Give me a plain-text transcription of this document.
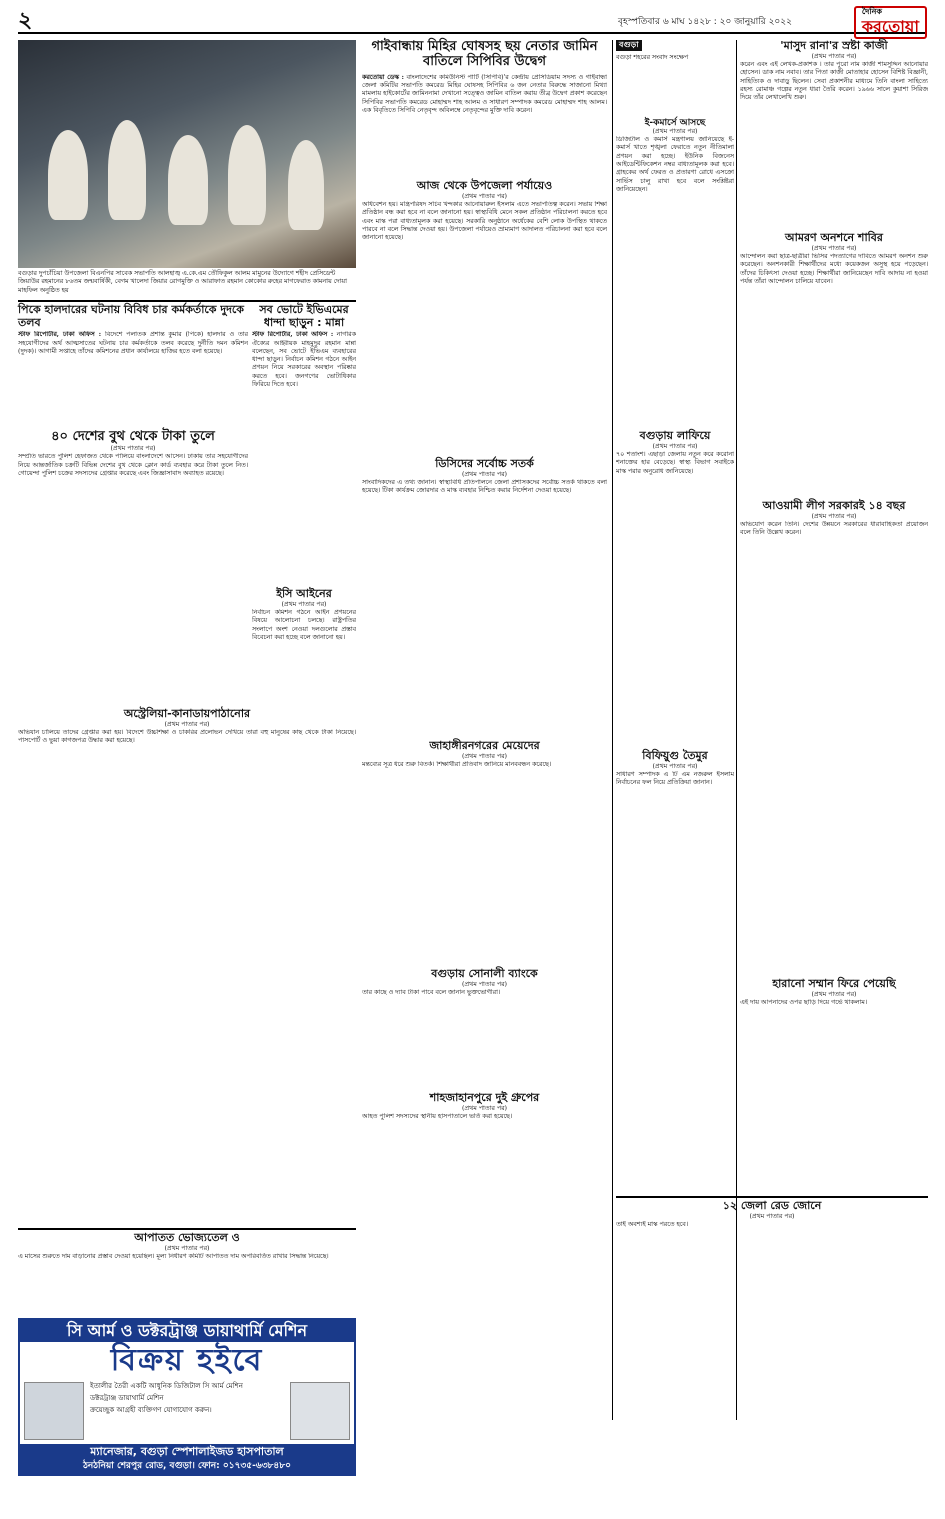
২	বৃহস্পতিবার ৬ মাঘ ১৪২৮ : ২০ জানুয়ারি ২০২২
দৈনিক
করতোয়া
বগুড়ার দুপচাঁচিয়া উপজেলা বিএনপির সাবেক সভাপতি আলহাজ্ব এ.কে.এম তৌফিকুল আলম মামুনের উদ্যোগে শহীদ প্রেসিডেন্ট জিয়াউর রহমানের ৮৬তম জন্মবার্ষিকী, বেগম খালেদা জিয়ার রোগমুক্তি ও আরাফাত রহমান কোকোর রুহের মাগফেরাত কামনায় দোয়া মাহফিল অনুষ্ঠিত হয়
গাইবান্ধায় মিহির ঘোষসহ ছয় নেতার জামিন বাতিলে সিপিবির উদ্বেগ
করতোয়া ডেস্ক : বাংলাদেশের কমিউনিস্ট পার্টি (সিপিবি)'র কেন্দ্রীয় প্রেসিডিয়াম সদস্য ও গাইবান্ধা জেলা কমিটির সভাপতি কমরেড মিহির ঘোষসহ সিপিবির ৬ জন নেতার বিরুদ্ধে সাজানো মিথ্যা মামলায় হাইকোর্টের জামিননামা দেখানো সত্ত্বেও জামিন বাতিল করায় তীব্র উদ্বেগ প্রকাশ করেছেন সিপিবির সভাপতি কমরেড মোহাম্মদ শাহ আলম ও সাধারণ সম্পাদক কমরেড মোহাম্মদ শাহ আলম। এক বিবৃতিতে সিপিবি নেতৃবৃন্দ অবিলম্বে নেতৃবৃন্দের মুক্তি দাবি করেন।
আজ থেকে উপজেলা পর্যায়েও
(প্রথম পাতার পর)
অধিবেশন হয়। মন্ত্রিপরিষদ সচিব খন্দকার আনোয়ারুল ইসলাম এতে সভাপতিত্ব করেন। সভায় শিক্ষা প্রতিষ্ঠান বন্ধ করা হবে না বলে জানানো হয়। স্বাস্থ্যবিধি মেনে সকল প্রতিষ্ঠান পরিচালনা করতে হবে এবং মাস্ক পরা বাধ্যতামূলক করা হয়েছে। সরকারি অনুষ্ঠানে অর্ধেকের বেশি লোক উপস্থিত থাকতে পারবে না বলে সিদ্ধান্ত দেওয়া হয়। উপজেলা পর্যায়েও ভ্রাম্যমাণ আদালত পরিচালনা করা হবে বলে জানানো হয়েছে।
বগুড়া
বগুড়া শহরের সংবাদ সংক্ষেপ
ই-কমার্সে আসছে
(প্রথম পাতার পর)
ডিজিটাল ও কমার্স মন্ত্রণালয় জানিয়েছে ই-কমার্স খাতে শৃঙ্খলা ফেরাতে নতুন নীতিমালা প্রণয়ন করা হচ্ছে। ইউনিক বিজনেস আইডেন্টিফিকেশন নম্বর বাধ্যতামূলক করা হবে। গ্রাহকের অর্থ ফেরত ও প্রতারণা রোধে এসক্রো সার্ভিস চালু রাখা হবে বলে সংশ্লিষ্টরা জানিয়েছেন।
'মাসুদ রানা'র স্রষ্টা কাজী
(প্রথম পাতার পর)
করেন এবং এই লেখক-প্রকাশক । তার পুরো নাম কাজী শামসুদ্দিন আনোয়ার হোসেন। ডাক নাম নবাব। তার পিতা কাজী মোতাহার হোসেন বিশিষ্ট বিজ্ঞানী, সাহিত্যিক ও দাবাড়ু ছিলেন। সেবা প্রকাশনীর মাধ্যমে তিনি বাংলা সাহিত্যে রহস্য রোমাঞ্চ গল্পের নতুন ধারা তৈরি করেন। ১৯৬৬ সালে কুয়াশা সিরিজ দিয়ে তাঁর লেখালেখি শুরু।
আমরণ অনশনে শাবির
(প্রথম পাতার পর)
আন্দোলন করা ছাত্র-ছাত্রীরা ভিসির পদত্যাগের দাবিতে আমরণ অনশন শুরু করেছেন। অনশনকারী শিক্ষার্থীদের মধ্যে কয়েকজন অসুস্থ হয়ে পড়েছেন। তাঁদের চিকিৎসা দেওয়া হচ্ছে। শিক্ষার্থীরা জানিয়েছেন দাবি আদায় না হওয়া পর্যন্ত তাঁরা আন্দোলন চালিয়ে যাবেন।
পিকে হালদারের ঘটনায় বিবিধ চার কর্মকর্তাকে দুদকে তলব
স্টাফ রিপোর্টার, ঢাকা অফিস : বিদেশে পলাতক প্রশান্ত কুমার (পিকে) হালদার ও তার সহযোগীদের অর্থ আত্মসাতের ঘটনায় চার কর্মকর্তাকে তলব করেছে দুর্নীতি দমন কমিশন (দুদক)। আগামী সপ্তাহে তাঁদের কমিশনের প্রধান কার্যালয়ে হাজির হতে বলা হয়েছে।
সব ভোটে ইভিএমের ধান্দা ছাড়ুন : মান্না
স্টাফ রিপোর্টার, ঢাকা অফিস : নাগরিক ঐক্যের আহ্বায়ক মাহমুদুর রহমান মান্না বলেছেন, সব ভোটে ইভিএম ব্যবহারের ধান্দা ছাড়ুন। নির্বাচন কমিশন গঠনে আইন প্রণয়ন নিয়ে সরকারের অবস্থান পরিষ্কার করতে হবে। জনগণের ভোটাধিকার ফিরিয়ে দিতে হবে।
৪০ দেশের বুথ থেকে টাকা তুলে
(প্রথম পাতার পর)
সম্প্রতি ভারতে পুলিশ হেফাজত থেকে পালিয়ে বাংলাদেশে আসেন। ঢাকায় তার সহযোগীদের নিয়ে আন্তর্জাতিক চক্রটি বিভিন্ন দেশের বুথ থেকে ক্লোন কার্ড ব্যবহার করে টাকা তুলে নিত। গোয়েন্দা পুলিশ চক্রের সদস্যদের গ্রেপ্তার করেছে এবং জিজ্ঞাসাবাদ অব্যাহত রয়েছে।
অস্ট্রেলিয়া-কানাডায়পাঠানোর
(প্রথম পাতার পর)
অভিযান চালিয়ে তাদের গ্রেপ্তার করা হয়। বিদেশে উচ্চশিক্ষা ও চাকরির প্রলোভন দেখিয়ে তারা বহু মানুষের কাছ থেকে টাকা নিয়েছে। পাসপোর্ট ও ভুয়া কাগজপত্র উদ্ধার করা হয়েছে।
ডিসিদের সর্বোচ্চ সতর্ক
(প্রথম পাতার পর)
সাংবাদিকদের এ তথ্য জানান। স্বাস্থ্যবিধি প্রতিপালনে জেলা প্রশাসকদের সর্বোচ্চ সতর্ক থাকতে বলা হয়েছে। টিকা কার্যক্রম জোরদার ও মাস্ক ব্যবহার নিশ্চিত করার নির্দেশনা দেওয়া হয়েছে।
ইসি আইনের
(প্রথম পাতার পর)
নির্বাচন কমিশন গঠনে আইন প্রণয়নের বিষয়ে আলোচনা চলছে। রাষ্ট্রপতির সংলাপে অংশ নেওয়া দলগুলোর প্রস্তাব বিবেচনা করা হচ্ছে বলে জানানো হয়।
জাহাঙ্গীরনগরের মেয়েদের
(প্রথম পাতার পর)
মন্তব্যের সূত্র ধরে শুরু বিতর্ক। শিক্ষার্থীরা প্রতিবাদ জানিয়ে মানববন্ধন করেছে।
বগুড়ায় সোনালী ব্যাংকে
(প্রথম পাতার পর)
তার কাছে ও দ্যাব টাকা পাবে বলে জানান ভুক্তভোগীরা।
শাহজাহানপুরে দুই গ্রুপের
(প্রথম পাতার পর)
আহত পুলিশ সদস্যদের স্থানীয় হাসপাতালে ভর্তি করা হয়েছে।
বগুড়ায় লাফিয়ে
(প্রথম পাতার পর)
৭০ শতাংশ। এছাড়া জেলায় নতুন করে করোনা শনাক্তের হার বেড়েছে। স্বাস্থ্য বিভাগ সবাইকে মাস্ক পরার অনুরোধ জানিয়েছে।
আওয়ামী লীগ সরকারই ১৪ বছর
(প্রথম পাতার পর)
অভিযোগ করেন তিনি। দেশের উন্নয়নে সরকারের ধারাবাহিকতা প্রয়োজন বলে তিনি উল্লেখ করেন।
বিফিয়ুগু তৈমুর
(প্রথম পাতার পর)
সাধারণ সম্পাদক এ টি এম নজরুল ইসলাম নির্বাচনের ফল নিয়ে প্রতিক্রিয়া জানান।
হারানো সম্মান ফিরে পেয়েছি
(প্রথম পাতার পর)
এই দায় আপনাদের ওপর ছাড়ি দিয়ে গর্ভে থাকলাম।
১২ জেলা রেড জোনে
(প্রথম পাতার পর)
তাই অবশ্যই মাস্ক পরতে হবে।
আপাতত ভোজ্যতেল ও
(প্রথম পাতার পর)
এ মাসের শুরুতে দাম বাড়ানোর প্রস্তাব দেওয়া হয়েছিল। মূল্য নির্ধারণ কমিটি আপাতত দাম অপরিবর্তিত রাখার সিদ্ধান্ত নিয়েছে।
সি আর্ম ও ডক্টরট্রাঞ্জ ডায়াথার্মি মেশিন
বিক্রয় হইবে
ইতালীর তৈরী একটি আধুনিক ডিজিটাল সি আর্ম মেশিন
ডক্টরট্রাঞ্জ ডায়াথার্মি মেশিন
ক্রয়েচ্ছুক আগ্রহী ব্যক্তিগণ যোগাযোগ করুন।
ম্যানেজার, বগুড়া স্পেশালাইজড হাসপাতাল
ঠনঠনিয়া শেরপুর রোড, বগুড়া। ফোন: ০১৭৩৫-৬৩৮৪৮০
